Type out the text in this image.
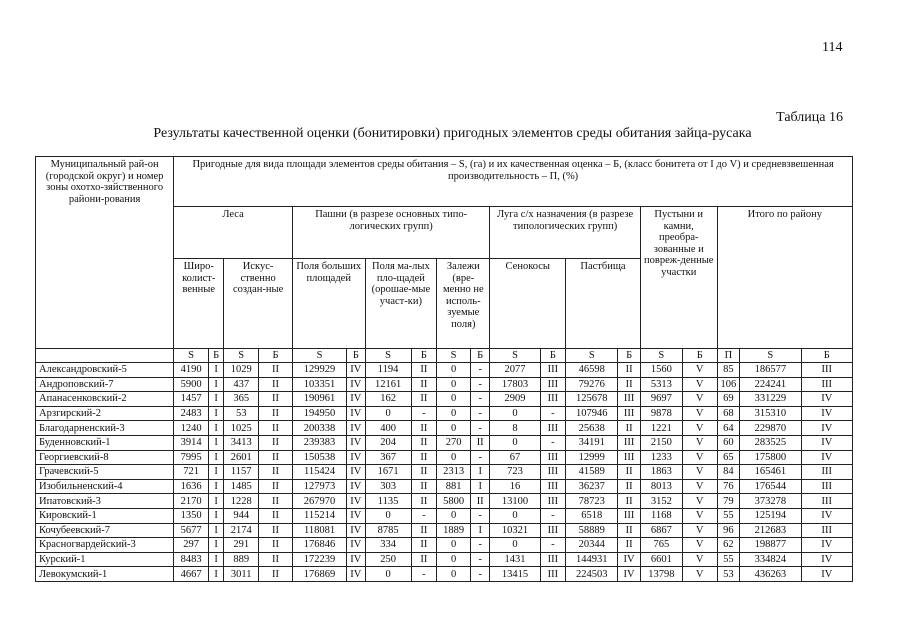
114
Таблица 16
Результаты качественной оценки (бонитировки) пригодных элементов среды обитания зайца-русака
Муниципальный рай-он (городской округ) и номер зоны охотхо-зяйственного райони-рования	Пригодные для вида площади элементов среды обитания – S, (га) и их качественная оценка – Б, (класс бонитета от I до V) и средневзвешенная производительность – П, (%)																		
	Леса				Пашни (в разрезе основных типо-логических групп)						Луга с/х назначения (в разрезе типологических групп)				Пустыни и камни, преобра-зованные и повреж-денные участки		Итого по району		
	Широ-колист-венные		Искус-ственно создан-ные		Поля больших площадей		Поля ма-лых пло-щадей (орошае-мые участ-ки)		Залежи (вре-менно не исполь-зуемые поля)		Сенокосы		Пастбища						
	S	Б	S	Б	S	Б	S	Б	S	Б	S	Б	S	Б	S	Б	П	S	Б
Александровский-5	4190	I	1029	II	129929	IV	1194	II	0	-	2077	III	46598	II	1560	V	85	186577	III
Андроповский-7	5900	I	437	II	103351	IV	12161	II	0	-	17803	III	79276	II	5313	V	106	224241	III
Апанасенковский-2	1457	I	365	II	190961	IV	162	II	0	-	2909	III	125678	III	9697	V	69	331229	IV
Арзгирский-2	2483	I	53	II	194950	IV	0	-	0	-	0	-	107946	III	9878	V	68	315310	IV
Благодарненский-3	1240	I	1025	II	200338	IV	400	II	0	-	8	III	25638	II	1221	V	64	229870	IV
Буденновский-1	3914	I	3413	II	239383	IV	204	II	270	II	0	-	34191	III	2150	V	60	283525	IV
Георгиевский-8	7995	I	2601	II	150538	IV	367	II	0	-	67	III	12999	III	1233	V	65	175800	IV
Грачевский-5	721	I	1157	II	115424	IV	1671	II	2313	I	723	III	41589	II	1863	V	84	165461	III
Изобильненский-4	1636	I	1485	II	127973	IV	303	II	881	I	16	III	36237	II	8013	V	76	176544	III
Ипатовский-3	2170	I	1228	II	267970	IV	1135	II	5800	II	13100	III	78723	II	3152	V	79	373278	III
Кировский-1	1350	I	944	II	115214	IV	0	-	0	-	0	-	6518	III	1168	V	55	125194	IV
Кочубеевский-7	5677	I	2174	II	118081	IV	8785	II	1889	I	10321	III	58889	II	6867	V	96	212683	III
Красногвардейский-3	297	I	291	II	176846	IV	334	II	0	-	0	-	20344	II	765	V	62	198877	IV
Курский-1	8483	I	889	II	172239	IV	250	II	0	-	1431	III	144931	IV	6601	V	55	334824	IV
Левокумский-1	4667	I	3011	II	176869	IV	0	-	0	-	13415	III	224503	IV	13798	V	53	436263	IV
